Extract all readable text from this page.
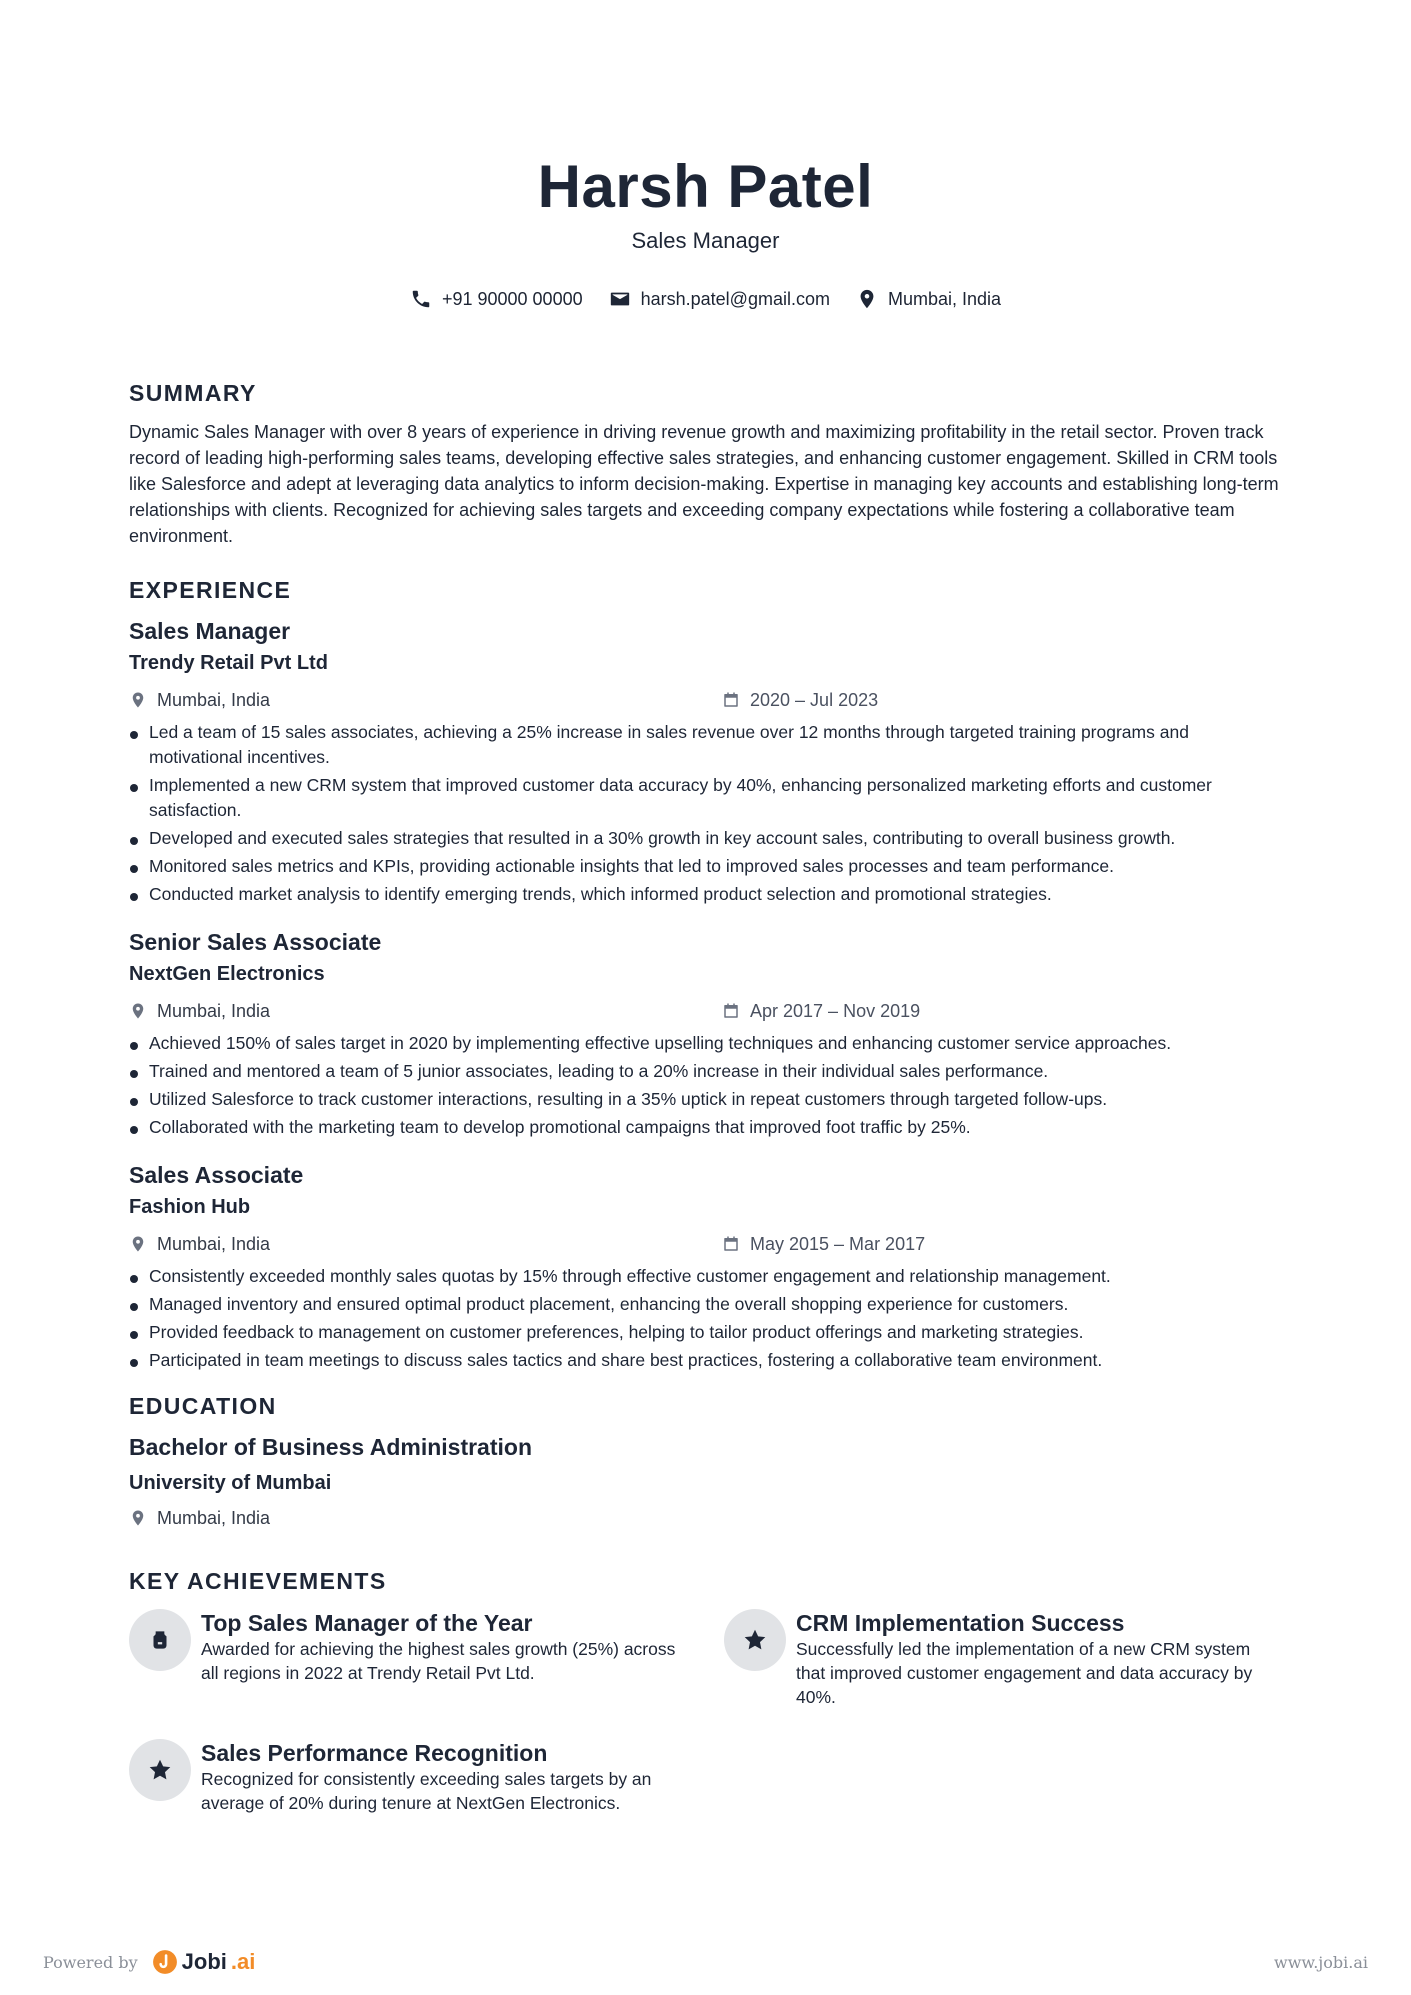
Harsh Patel
Sales Manager
+91 90000 00000	harsh.patel@gmail.com	Mumbai, India
SUMMARY

Dynamic Sales Manager with over 8 years of experience in driving revenue growth and maximizing profitability in the retail sector. Proven track record of leading high-performing sales teams, developing effective sales strategies, and enhancing customer engagement. Skilled in CRM tools like Salesforce and adept at leveraging data analytics to inform decision-making. Expertise in managing key accounts and establishing long-term relationships with clients. Recognized for achieving sales targets and exceeding company expectations while fostering a collaborative team environment.

EXPERIENCE
Sales Manager
Trendy Retail Pvt Ltd
Mumbai, India	2020 – Jul 2023
Led a team of 15 sales associates, achieving a 25% increase in sales revenue over 12 months through targeted training programs and motivational incentives.
Implemented a new CRM system that improved customer data accuracy by 40%, enhancing personalized marketing efforts and customer satisfaction.
Developed and executed sales strategies that resulted in a 30% growth in key account sales, contributing to overall business growth.
Monitored sales metrics and KPIs, providing actionable insights that led to improved sales processes and team performance.
Conducted market analysis to identify emerging trends, which informed product selection and promotional strategies.
Senior Sales Associate
NextGen Electronics
Mumbai, India	Apr 2017 – Nov 2019
Achieved 150% of sales target in 2020 by implementing effective upselling techniques and enhancing customer service approaches.
Trained and mentored a team of 5 junior associates, leading to a 20% increase in their individual sales performance.
Utilized Salesforce to track customer interactions, resulting in a 35% uptick in repeat customers through targeted follow-ups.
Collaborated with the marketing team to develop promotional campaigns that improved foot traffic by 25%.
Sales Associate
Fashion Hub
Mumbai, India	May 2015 – Mar 2017
Consistently exceeded monthly sales quotas by 15% through effective customer engagement and relationship management.
Managed inventory and ensured optimal product placement, enhancing the overall shopping experience for customers.
Provided feedback to management on customer preferences, helping to tailor product offerings and marketing strategies.
Participated in team meetings to discuss sales tactics and share best practices, fostering a collaborative team environment.
EDUCATION
Bachelor of Business Administration
University of Mumbai
Mumbai, India
KEY ACHIEVEMENTS
Top Sales Manager of the Year
Awarded for achieving the highest sales growth (25%) across all regions in 2022 at Trendy Retail Pvt Ltd.
CRM Implementation Success
Successfully led the implementation of a new CRM system that improved customer engagement and data accuracy by 40%.
Sales Performance Recognition
Recognized for consistently exceeding sales targets by an average of 20% during tenure at NextGen Electronics.
Powered by Jobi .ai	www.jobi.ai
